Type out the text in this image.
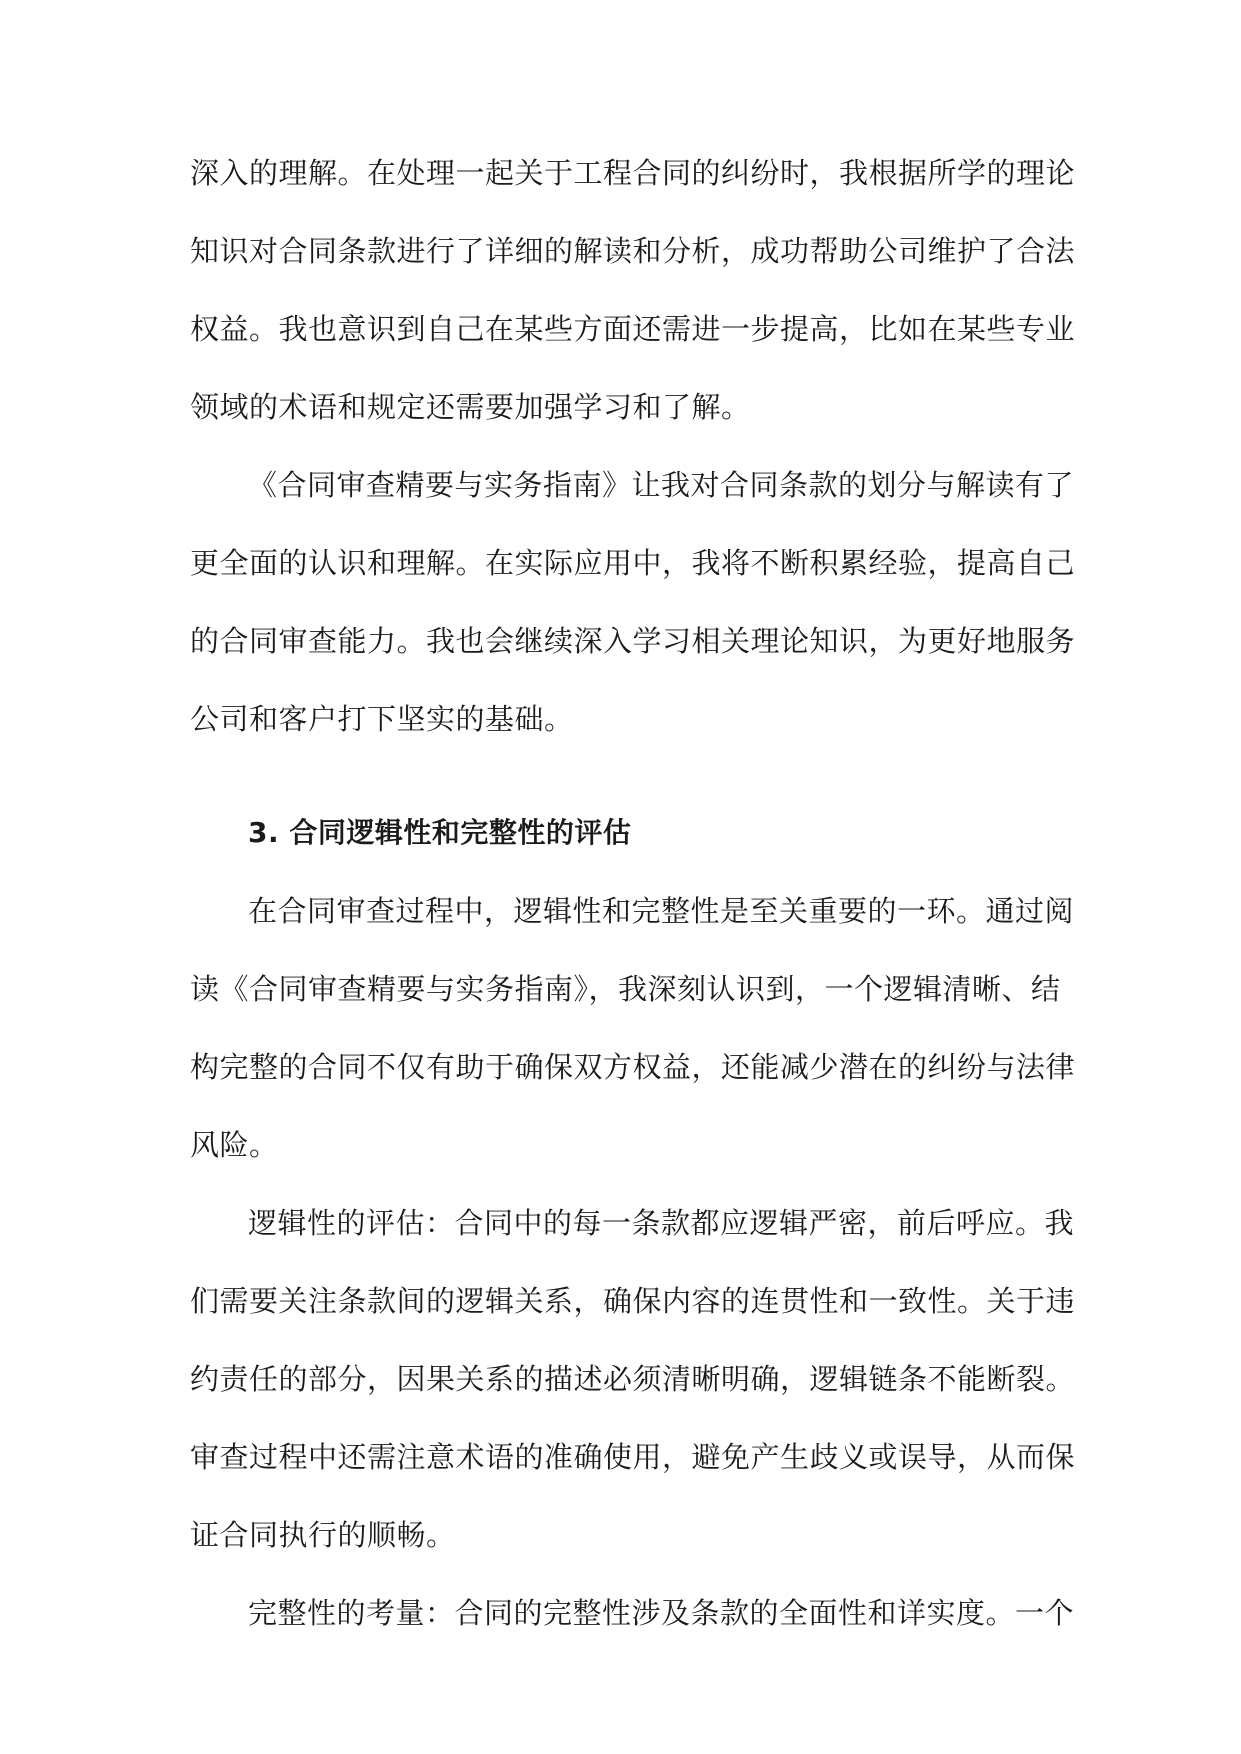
深入的理解。在处理一起关于工程合同的纠纷时，我根据所学的理论
知识对合同条款进行了详细的解读和分析，成功帮助公司维护了合法
权益。我也意识到自己在某些方面还需进一步提高，比如在某些专业
领域的术语和规定还需要加强学习和了解。
《合同审查精要与实务指南》让我对合同条款的划分与解读有了
更全面的认识和理解。在实际应用中，我将不断积累经验，提高自己
的合同审查能力。我也会继续深入学习相关理论知识，为更好地服务
公司和客户打下坚实的基础。
3. 合同逻辑性和完整性的评估
在合同审查过程中，逻辑性和完整性是至关重要的一环。通过阅
读《合同审查精要与实务指南》，我深刻认识到，一个逻辑清晰、结
构完整的合同不仅有助于确保双方权益，还能减少潜在的纠纷与法律
风险。
逻辑性的评估：合同中的每一条款都应逻辑严密，前后呼应。我
们需要关注条款间的逻辑关系，确保内容的连贯性和一致性。关于违
约责任的部分，因果关系的描述必须清晰明确，逻辑链条不能断裂。
审查过程中还需注意术语的准确使用，避免产生歧义或误导，从而保
证合同执行的顺畅。
完整性的考量：合同的完整性涉及条款的全面性和详实度。一个
